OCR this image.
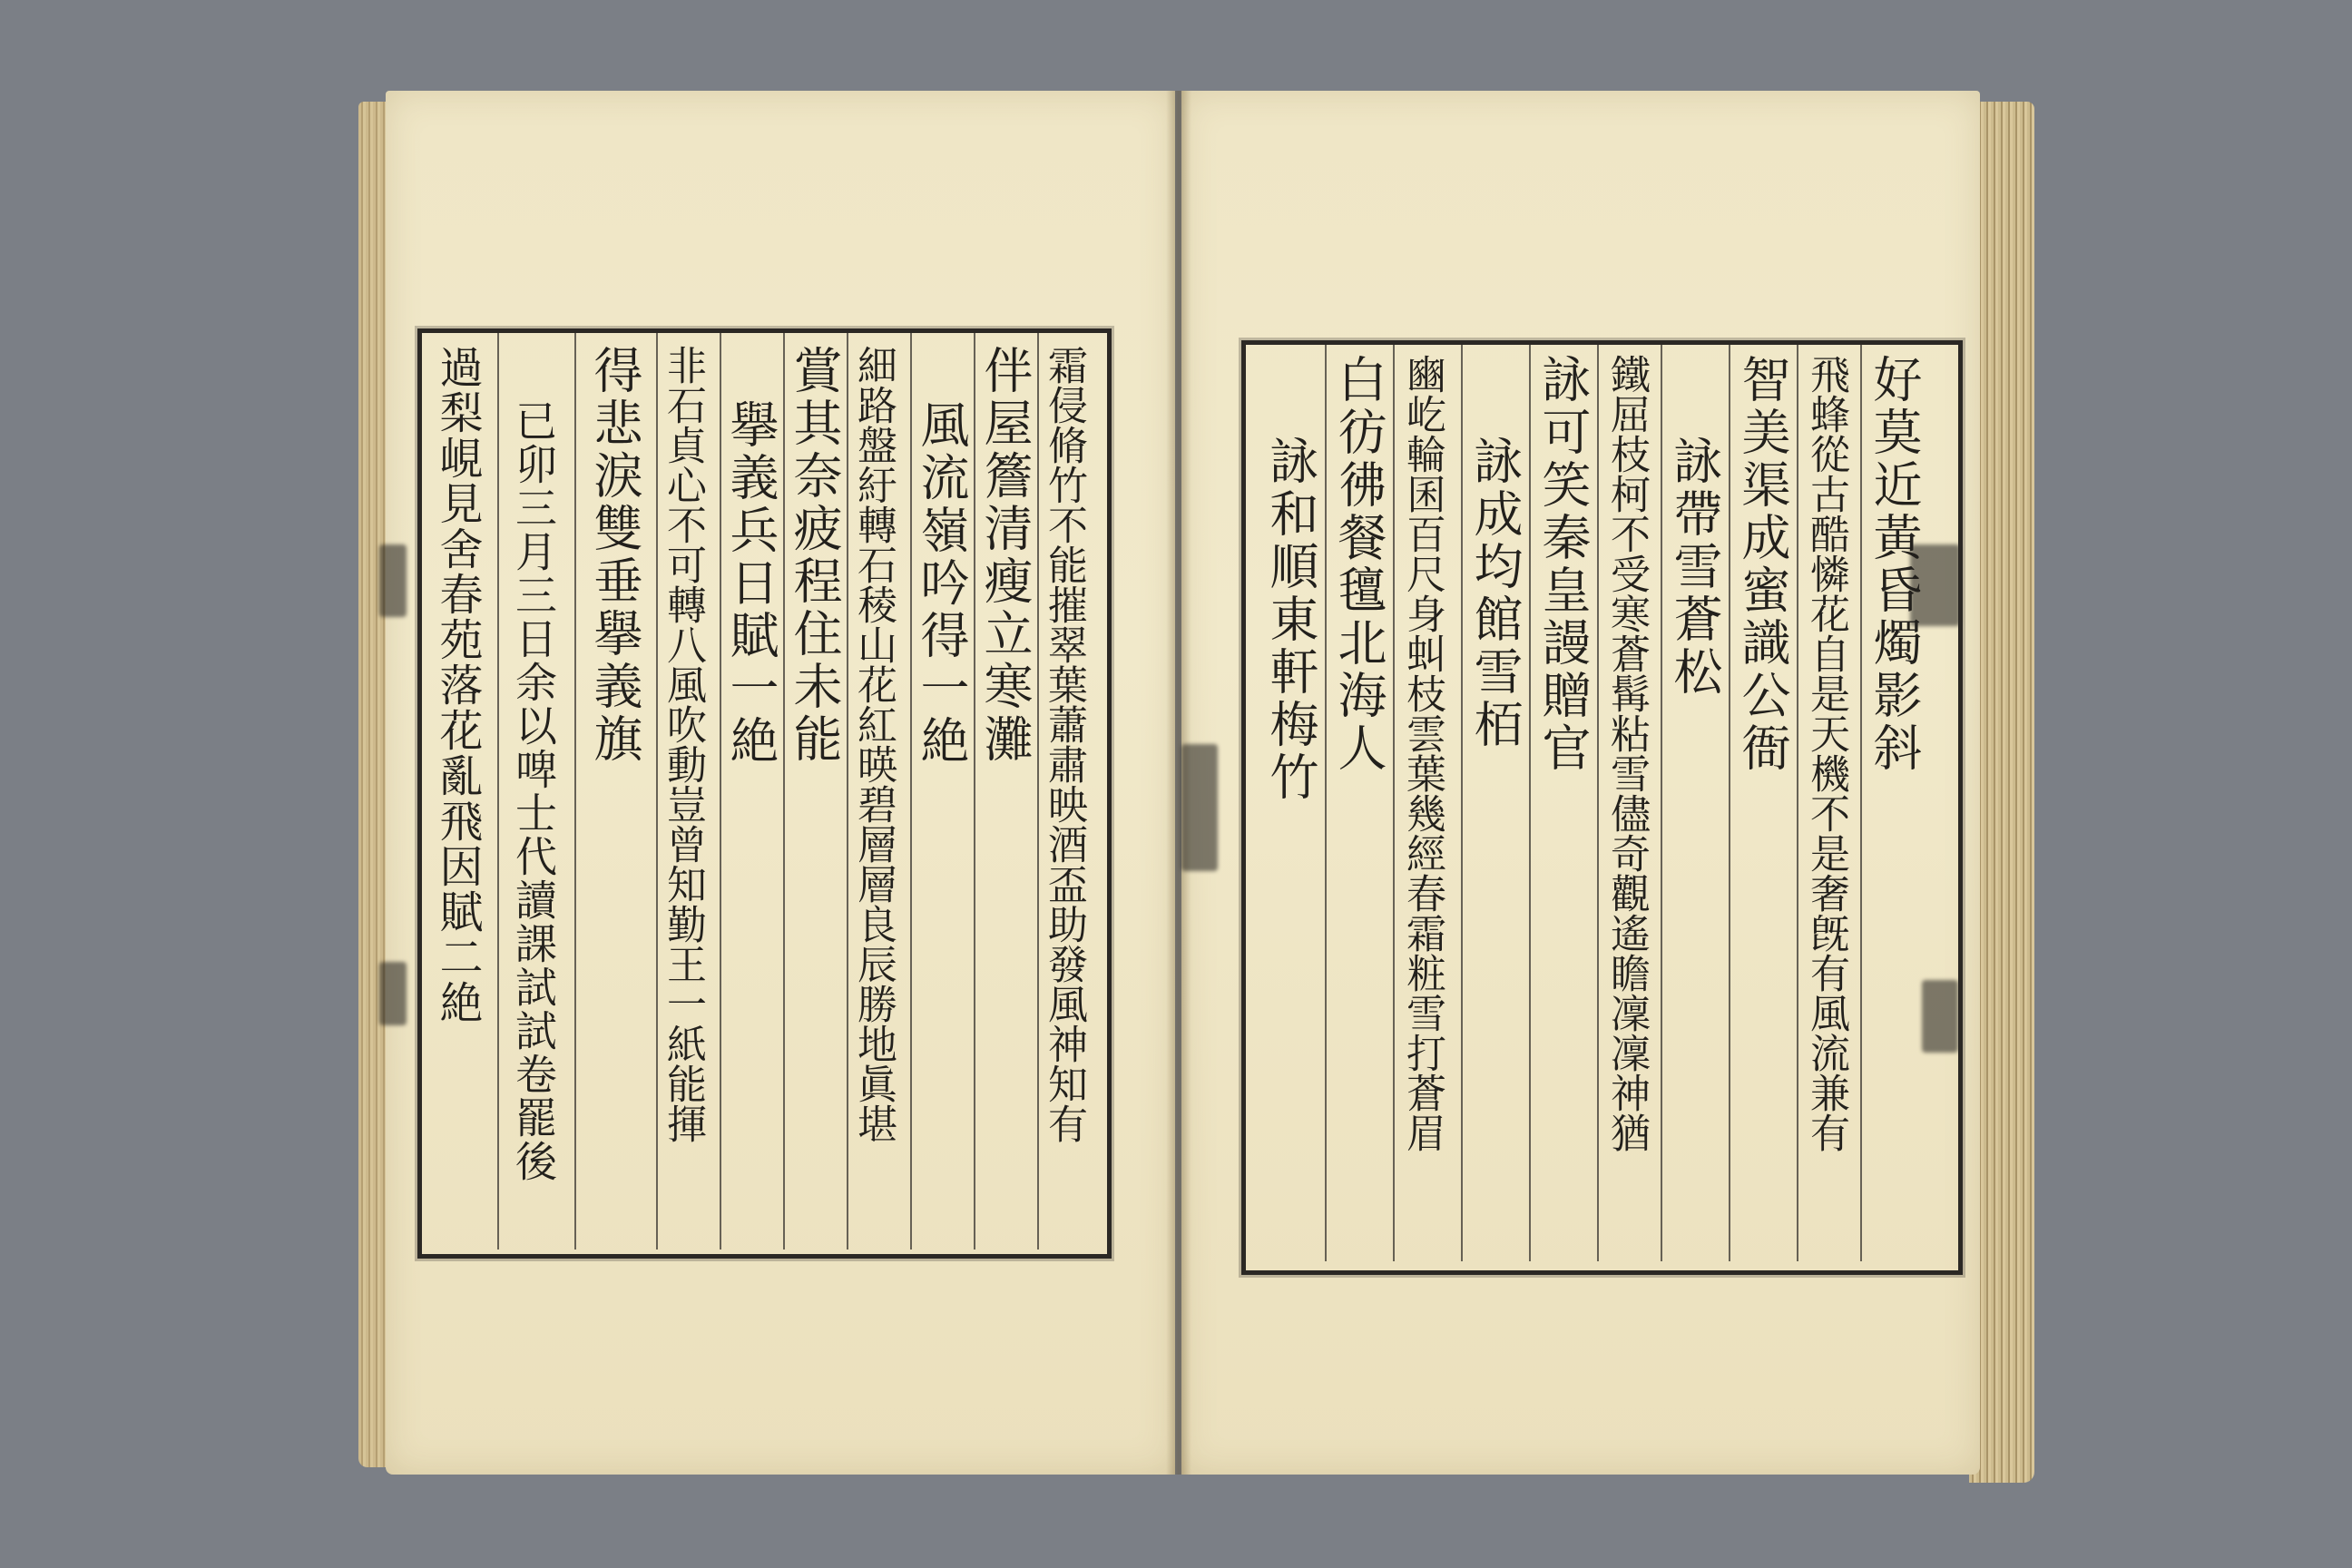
霜侵脩竹不能摧翠葉蕭肅映酒盃助發風神知有
伴屋簷清瘦立寒灘
風流嶺吟得一絶
細路盤紆轉石稜山花紅暎碧層層良辰勝地眞堪
賞其奈疲程住未能
擧義兵日賦一絶
非石貞心不可轉八風吹動豈曾知勤王一紙能揮
得悲淚雙垂擧義旗
已卯三月三日余以啤士代讀課試試卷罷後
過梨峴見舍春苑落花亂飛因賦二絶	好莫近黃昏燭影斜
飛蜂從古酷憐花自是天機不是奢旣有風流兼有
智美渠成蜜識公衙
詠帶雪蒼松
鐵屈枝柯不受寒蒼髯粘雪儘奇觀遙瞻凜凜神猶
詠可笑秦皇謾贈官
詠成均館雪栢
豳屹輪囷百尺身虯枝雲葉幾經春霜粧雪打蒼眉
白彷彿餐氊北海人
詠和順東軒梅竹
